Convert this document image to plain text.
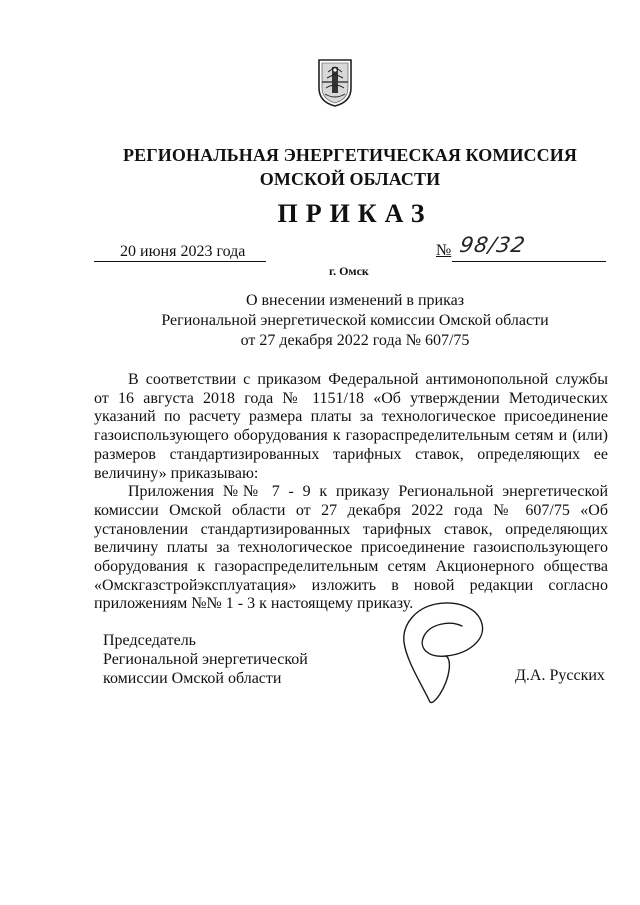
РЕГИОНАЛЬНАЯ ЭНЕРГЕТИЧЕСКАЯ КОМИССИЯ
ОМСКОЙ ОБЛАСТИ
ПРИКАЗ
20 июня 2023 года	№ 98/32
г. Омск
О внесении изменений в приказ
Региональной энергетической комиссии Омской области
от 27 декабря 2022 года № 607/75

В соответствии с приказом Федеральной антимонопольной службы от 16 августа 2018 года № 1151/18 «Об утверждении Методических указаний по расчету размера платы за технологическое присоединение газоиспользующего оборудования к газораспределительным сетям и (или) размеров стандартизированных тарифных ставок, определяющих ее величину» приказываю:

Приложения №№ 7 - 9 к приказу Региональной энергетической комиссии Омской области от 27 декабря 2022 года № 607/75 «Об установлении стандартизированных тарифных ставок, определяющих величину платы за технологическое присоединение газоиспользующего оборудования к газораспределительным сетям Акционерного общества «Омскгазстройэксплуатация» изложить в новой редакции согласно приложениям №№ 1 - 3 к настоящему приказу.

Председатель
Региональной энергетической
комиссии Омской области	Д.А. Русских
